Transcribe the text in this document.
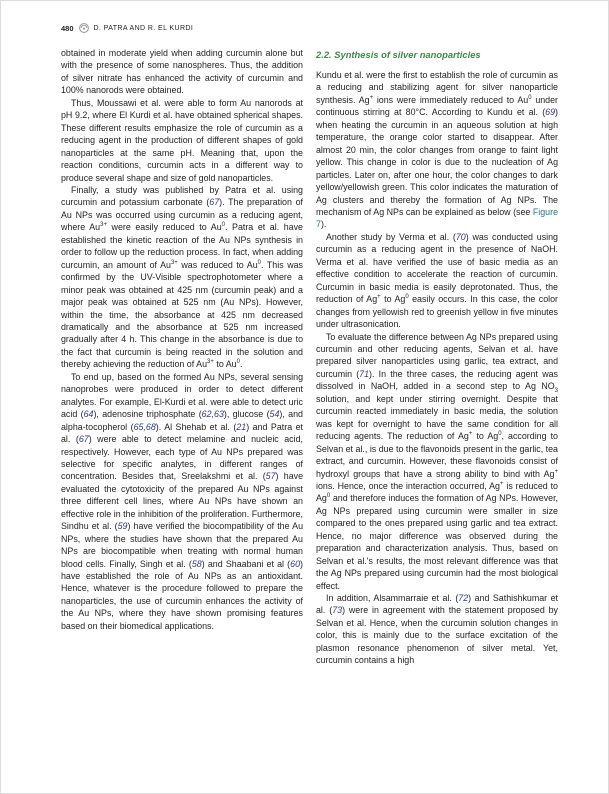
480	D. PATRA AND R. EL KURDI

obtained in moderate yield when adding curcumin alone but with the presence of some nanospheres. Thus, the addition of silver nitrate has enhanced the activity of curcumin and 100% nanorods were obtained.

Thus, Moussawi et al. were able to form Au nanorods at pH 9.2, where El Kurdi et al. have obtained spherical shapes. These different results emphasize the role of curcumin as a reducing agent in the production of different shapes of gold nanoparticles at the same pH. Meaning that, upon the reaction conditions, curcumin acts in a different way to produce several shape and size of gold nanoparticles.

Finally, a study was published by Patra et al. using curcumin and potassium carbonate (67). The preparation of Au NPs was occurred using curcumin as a reducing agent, where $Au^{3+}$ were easily reduced to Au$^0$. Patra et al. have established the kinetic reaction of the Au NPs synthesis in order to follow up the reduction process. In fact, when adding curcumin, an amount of $Au^{3+}$ was reduced to Au$^0$. This was confirmed by the UV-Visible spectrophotometer where a minor peak was obtained at 425 nm (curcumin peak) and a major peak was obtained at 525 nm (Au NPs). However, within the time, the absorbance at 425 nm decreased dramatically and the absorbance at 525 nm increased gradually after 4 h. This change in the absorbance is due to the fact that curcumin is being reacted in the solution and thereby achieving the reduction of $Au^{3+}$ to Au$^0$.

To end up, based on the formed Au NPs, several sensing nanoprobes were produced in order to detect different analytes. For example, El-Kurdi et al. were able to detect uric acid (64), adenosine triphosphate (62,63), glucose (54), and alpha-tocopherol (65,68). Al Shehab et al. (21) and Patra et al. (67) were able to detect melamine and nucleic acid, respectively. However, each type of Au NPs prepared was selective for specific analytes, in different ranges of concentration. Besides that, Sreelakshmi et al. (57) have evaluated the cytotoxicity of the prepared Au NPs against three different cell lines, where Au NPs have shown an effective role in the inhibition of the proliferation. Furthermore, Sindhu et al. (59) have verified the biocompatibility of the Au NPs, where the studies have shown that the prepared Au NPs are biocompatible when treating with normal human blood cells. Finally, Singh et al. (58) and Shaabani et al (60) have established the role of Au NPs as an antioxidant. Hence, whatever is the procedure followed to prepare the nanoparticles, the use of curcumin enhances the activity of the Au NPs, where they have shown promising features based on their biomedical applications.

2.2. Synthesis of silver nanoparticles

Kundu et al. were the first to establish the role of curcumin as a reducing and stabilizing agent for silver nanoparticle synthesis. Ag+ ions were immediately reduced to Au$^0$ under continuous stirring at 80°C. According to Kundu et al. (69) when heating the curcumin in an aqueous solution at high temperature, the orange color started to disappear. After almost 20 min, the color changes from orange to faint light yellow. This change in color is due to the nucleation of Ag particles. Later on, after one hour, the color changes to dark yellow/yellowish green. This color indicates the maturation of Ag clusters and thereby the formation of Ag NPs. The mechanism of Ag NPs can be explained as below (see Figure 7).

Another study by Verma et al. (70) was conducted using curcumin as a reducing agent in the presence of NaOH. Verma et al. have verified the use of basic media as an effective condition to accelerate the reaction of curcumin. Curcumin in basic media is easily deprotonated. Thus, the reduction of Ag+ to Ag$^0$ easily occurs. In this case, the color changes from yellowish red to greenish yellow in five minutes under ultrasonication.

To evaluate the difference between Ag NPs prepared using curcumin and other reducing agents, Selvan et al. have prepared silver nanoparticles using garlic, tea extract, and curcumin (71). In the three cases, the reducing agent was dissolved in NaOH, added in a second step to Ag $NO_3$ solution, and kept under stirring overnight. Despite that curcumin reacted immediately in basic media, the solution was kept for overnight to have the same condition for all reducing agents. The reduction of Ag+ to Ag$^0$, according to Selvan et al., is due to the flavonoids present in the garlic, tea extract, and curcumin. However, these flavonoids consist of hydroxyl groups that have a strong ability to bind with Ag+ ions. Hence, once the interaction occurred, Ag+ is reduced to Ag$^0$ and therefore induces the formation of Ag NPs. However, Ag NPs prepared using curcumin were smaller in size compared to the ones prepared using garlic and tea extract. Hence, no major difference was observed during the preparation and characterization analysis. Thus, based on Selvan et al.'s results, the most relevant difference was that the Ag NPs prepared using curcumin had the most biological effect.

In addition, Alsammarraie et al. (72) and Sathishkumar et al. (73) were in agreement with the statement proposed by Selvan et al. Hence, when the curcumin solution changes in color, this is mainly due to the surface excitation of the plasmon resonance phenomenon of silver metal. Yet, curcumin contains a high
